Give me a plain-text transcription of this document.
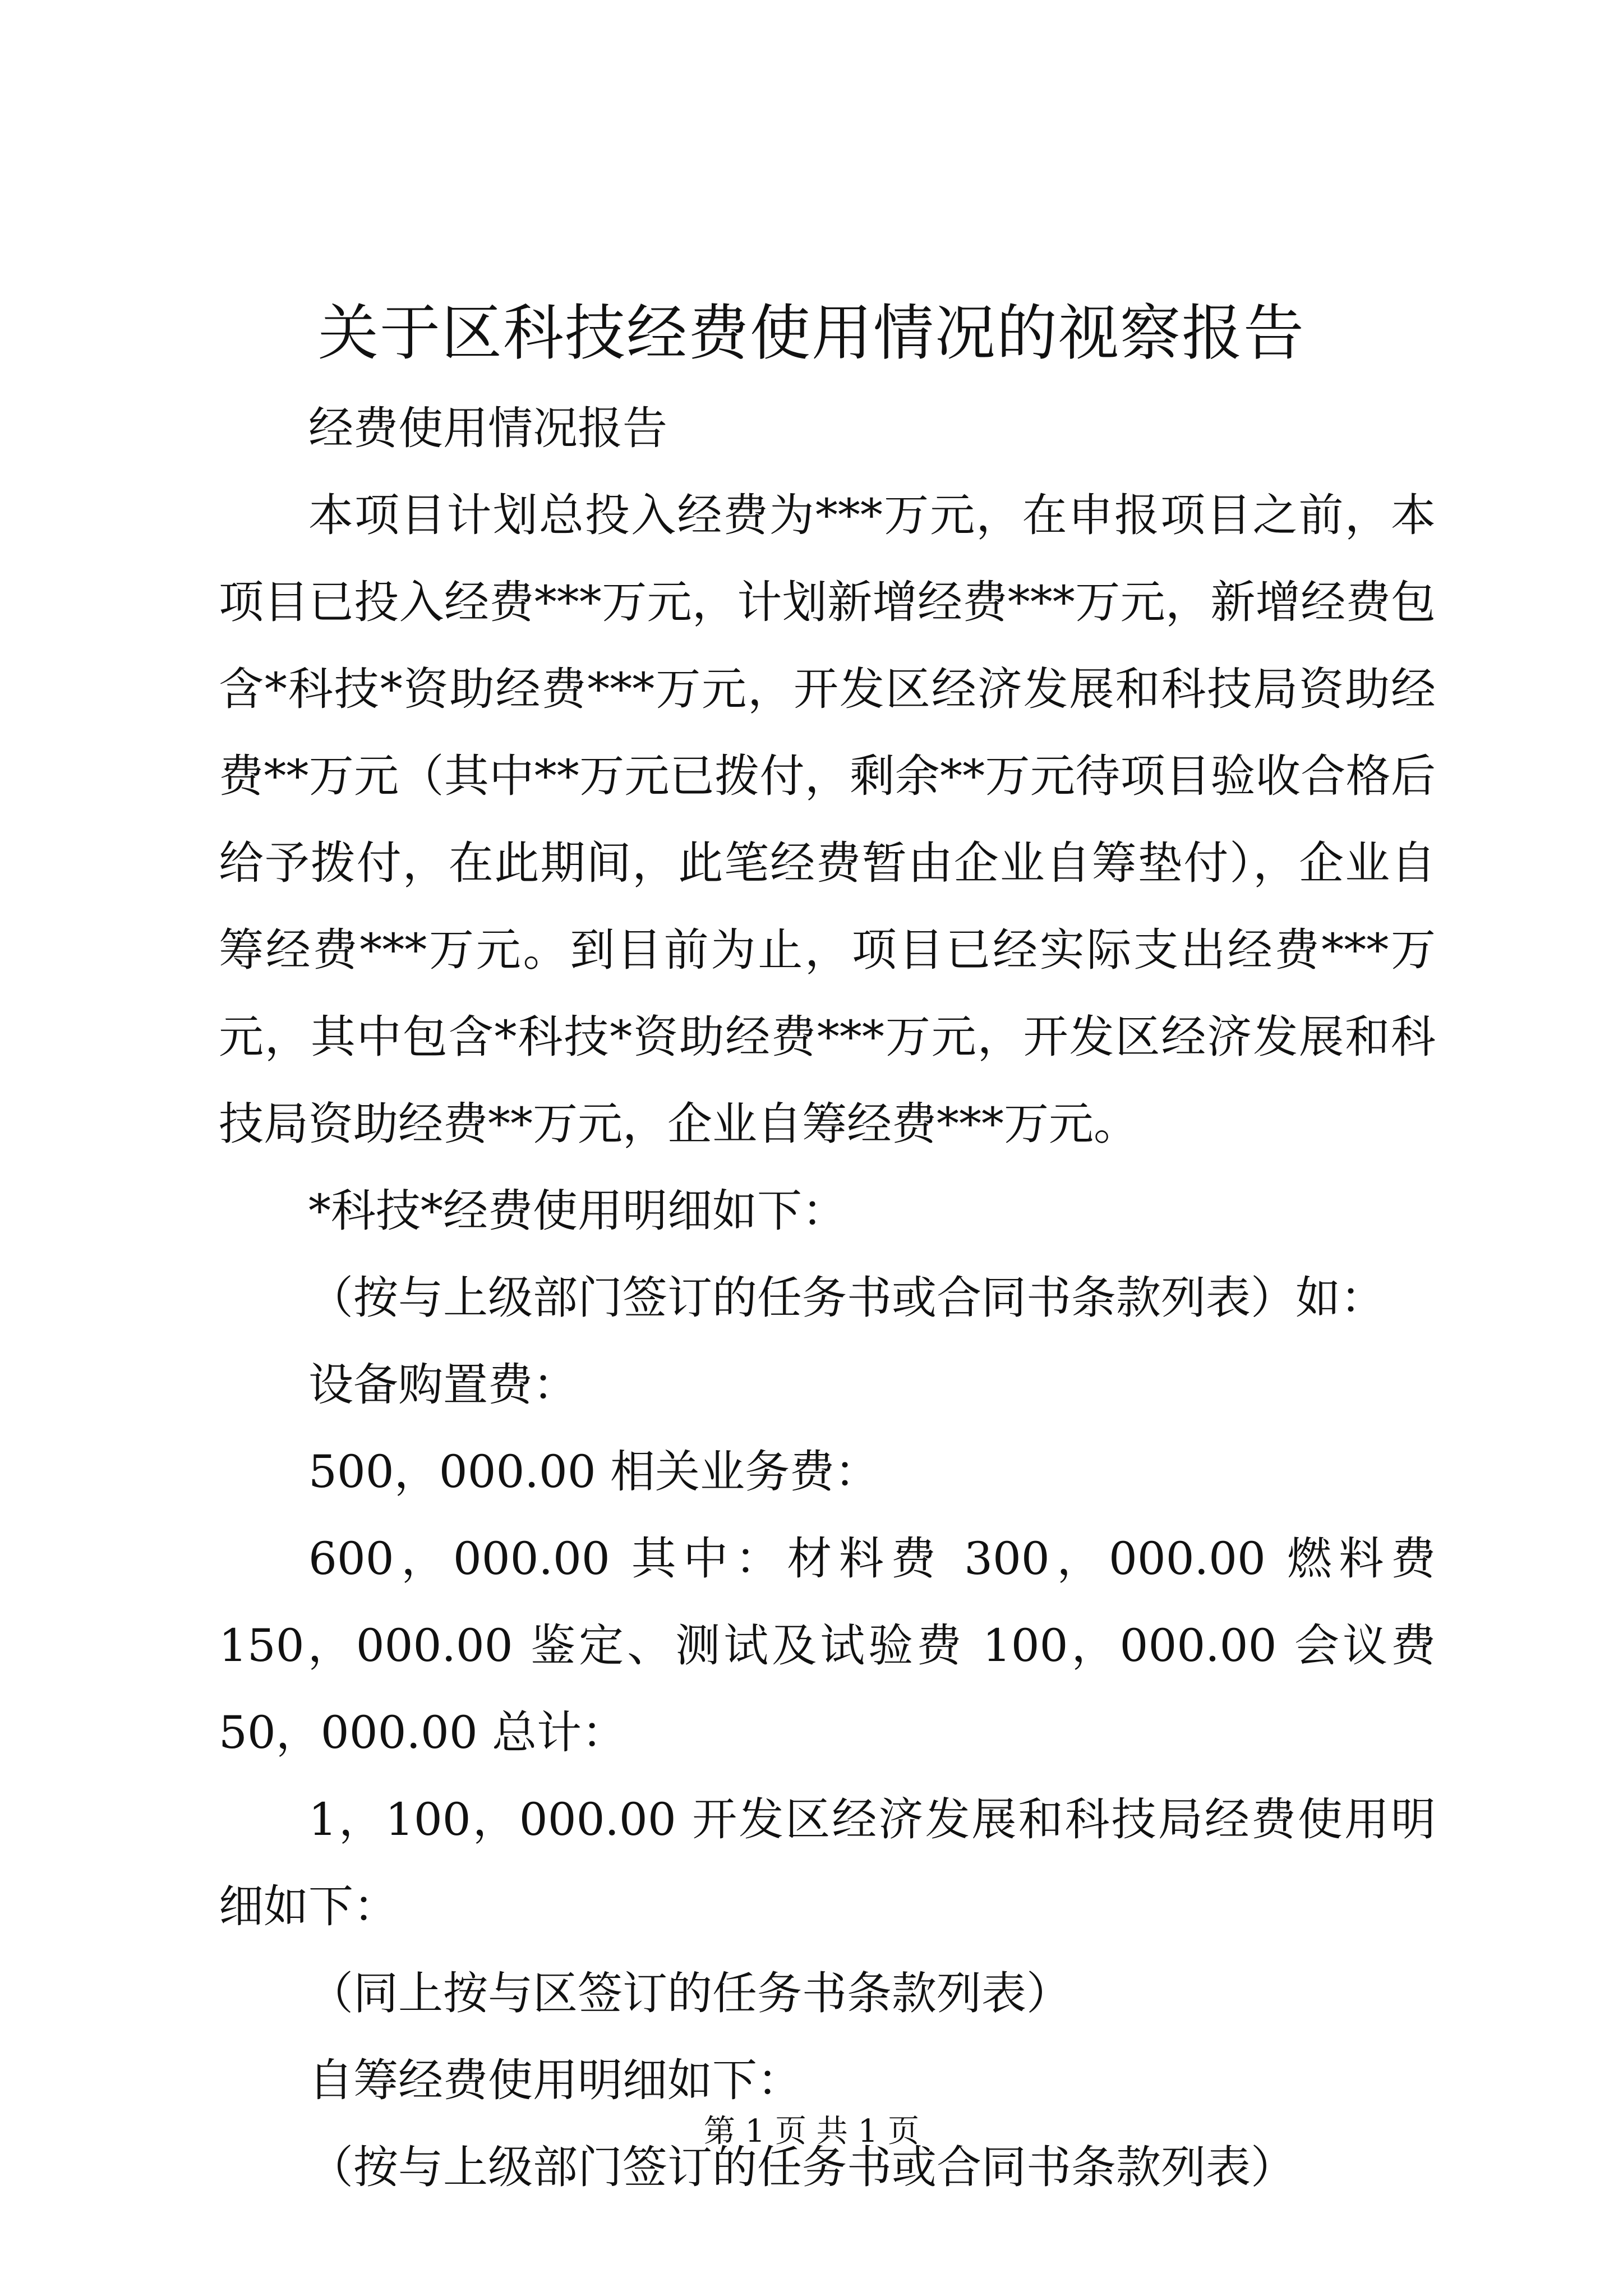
关于区科技经费使用情况的视察报告

经费使用情况报告

本项目计划总投入经费为***万元，在申报项目之前，本项目已投入经费***万元，计划新增经费***万元，新增经费包含*科技*资助经费***万元，开发区经济发展和科技局资助经费**万元（其中**万元已拨付，剩余**万元待项目验收合格后给予拨付，在此期间，此笔经费暂由企业自筹垫付），企业自筹经费***万元。到目前为止，项目已经实际支出经费***万元，其中包含*科技*资助经费***万元，开发区经济发展和科技局资助经费**万元，企业自筹经费***万元。

*科技*经费使用明细如下：

（按与上级部门签订的任务书或合同书条款列表）如：

设备购置费：

500，000.00 相关业务费：

600，000.00 其中：材料费 300，000.00 燃料费 150，000.00 鉴定、测试及试验费 100，000.00 会议费 50，000.00 总计：

1，100，000.00 开发区经济发展和科技局经费使用明细如下：

（同上按与区签订的任务书条款列表）

自筹经费使用明细如下：

（按与上级部门签订的任务书或合同书条款列表）

第 1 页 共 1 页
